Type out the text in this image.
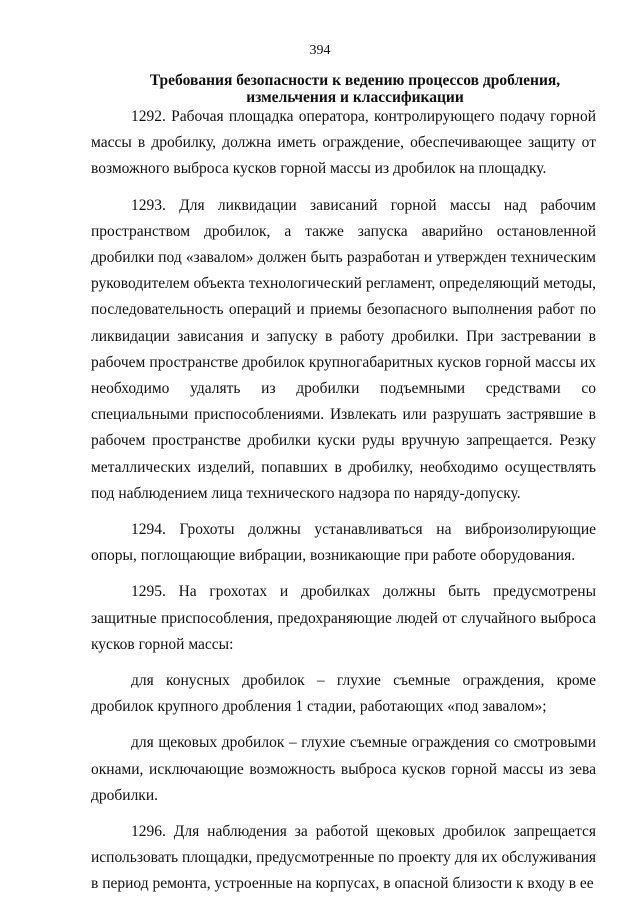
394
Требования безопасности к ведению процессов дробления, измельчения и классификации

1292. Рабочая площадка оператора, контролирующего подачу горной массы в дробилку, должна иметь ограждение, обеспечивающее защиту от возможного выброса кусков горной массы из дробилок на площадку.

1293. Для ликвидации зависаний горной массы над рабочим пространством дробилок, а также запуска аварийно остановленной дробилки под «завалом» должен быть разработан и утвержден техническим руководителем объекта технологический регламент, определяющий методы, последовательность операций и приемы безопасного выполнения работ по ликвидации зависания и запуску в работу дробилки. При застревании в рабочем пространстве дробилок крупногабаритных кусков горной массы их необходимо удалять из дробилки подъемными средствами со специальными приспособлениями. Извлекать или разрушать застрявшие в рабочем пространстве дробилки куски руды вручную запрещается. Резку металлических изделий, попавших в дробилку, необходимо осуществлять под наблюдением лица технического надзора по наряду-допуску.

1294. Грохоты должны устанавливаться на виброизолирующие опоры, поглощающие вибрации, возникающие при работе оборудования.

1295. На грохотах и дробилках должны быть предусмотрены защитные приспособления, предохраняющие людей от случайного выброса кусков горной массы:

для конусных дробилок – глухие съемные ограждения, кроме дробилок крупного дробления 1 стадии, работающих «под завалом»;

для щековых дробилок – глухие съемные ограждения со смотровыми окнами, исключающие возможность выброса кусков горной массы из зева дробилки.

1296. Для наблюдения за работой щековых дробилок запрещается использовать площадки, предусмотренные по проекту для их обслуживания в период ремонта, устроенные на корпусах, в опасной близости к входу в ее
